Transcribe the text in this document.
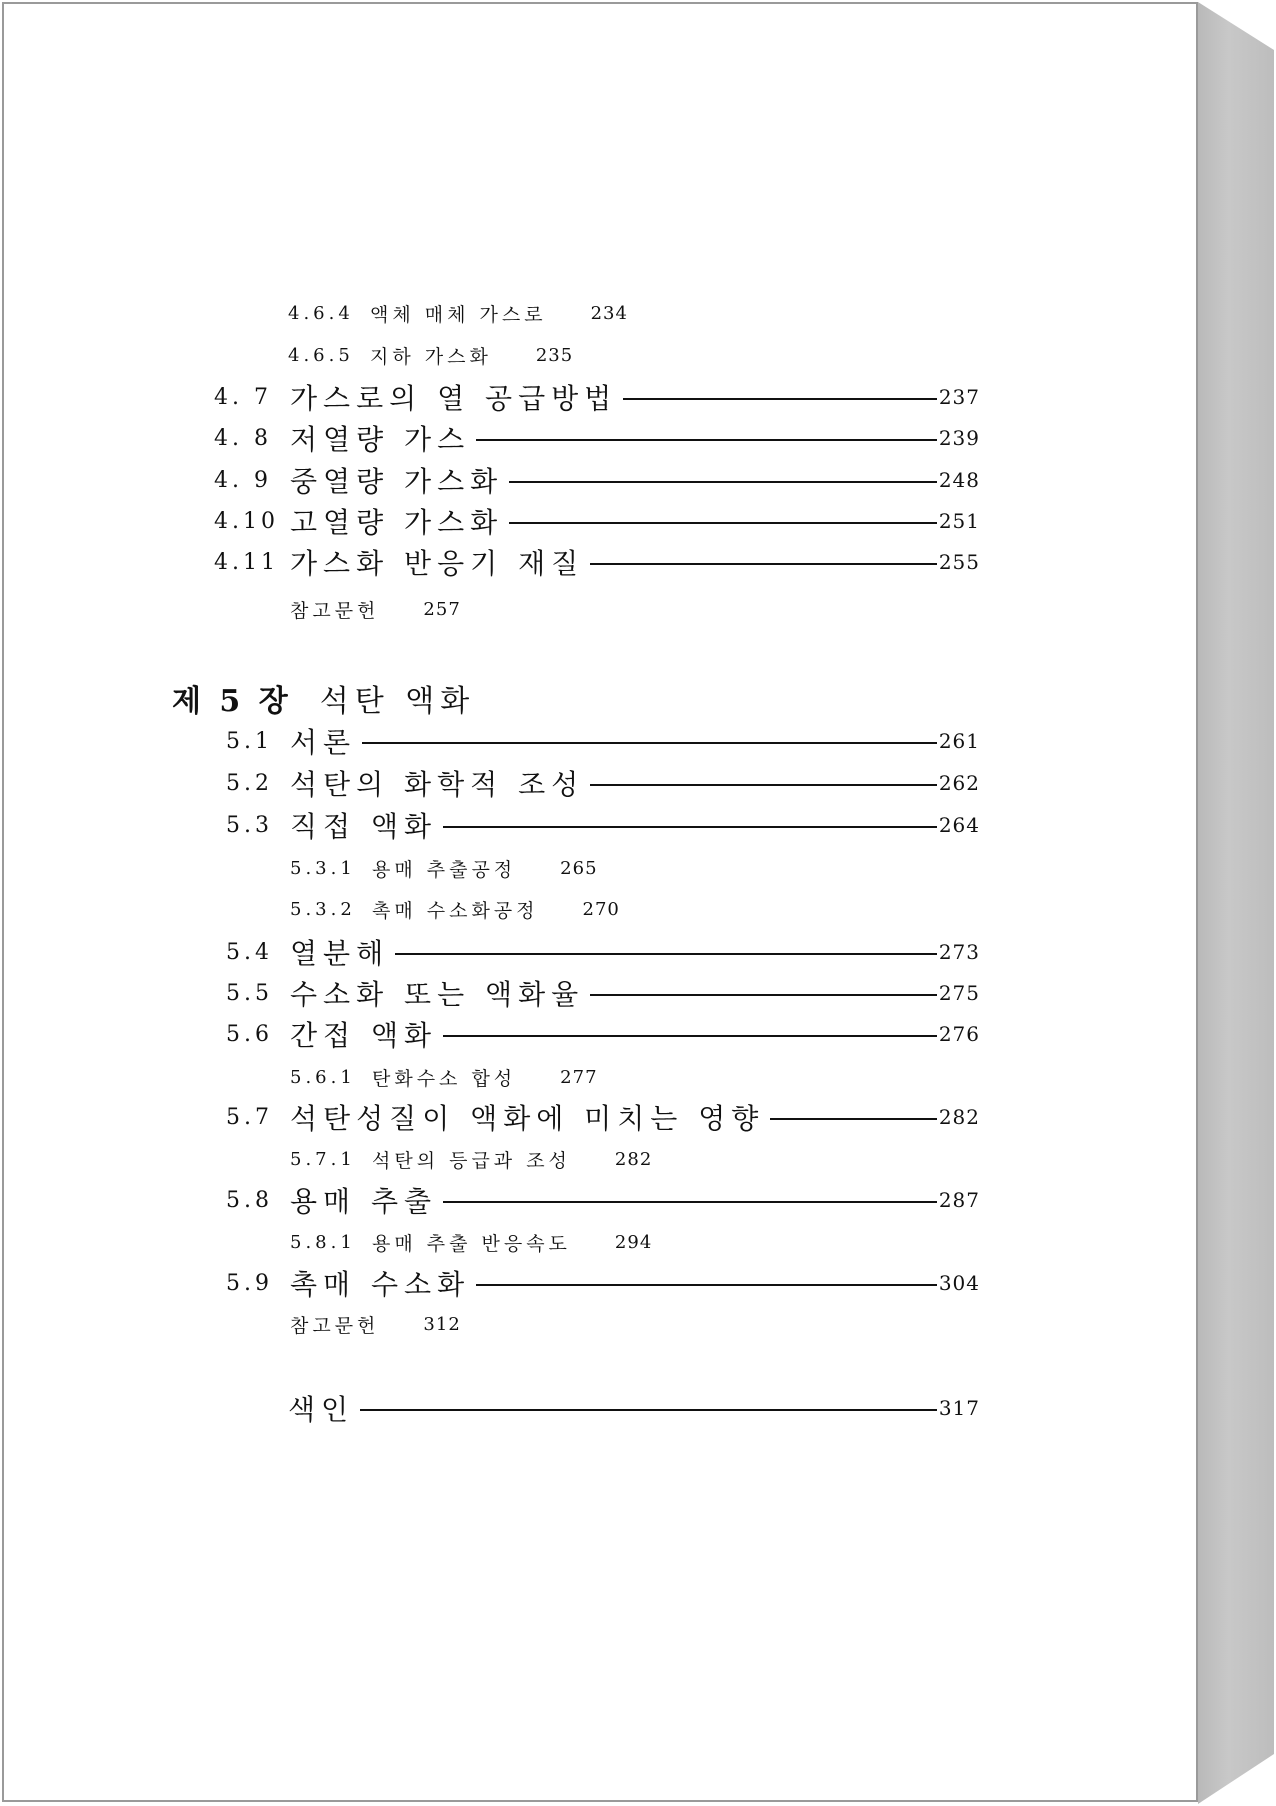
4.6.4 액체 매체 가스로 234
4.6.5 지하 가스화 235
4. 7 가스로의 열 공급방법	237
4. 8 저열량 가스	239
4. 9 중열량 가스화	248
4.10 고열량 가스화	251
4.11 가스화 반응기 재질	255
참고문헌 257
제 5 장 석탄 액화
5.1 서론	261
5.2 석탄의 화학적 조성	262
5.3 직접 액화	264
5.3.1 용매 추출공정 265
5.3.2 촉매 수소화공정 270
5.4 열분해	273
5.5 수소화 또는 액화율	275
5.6 간접 액화	276
5.6.1 탄화수소 합성 277
5.7 석탄성질이 액화에 미치는 영향	282
5.7.1 석탄의 등급과 조성 282
5.8 용매 추출	287
5.8.1 용매 추출 반응속도 294
5.9 촉매 수소화	304
참고문헌 312
색인	317
